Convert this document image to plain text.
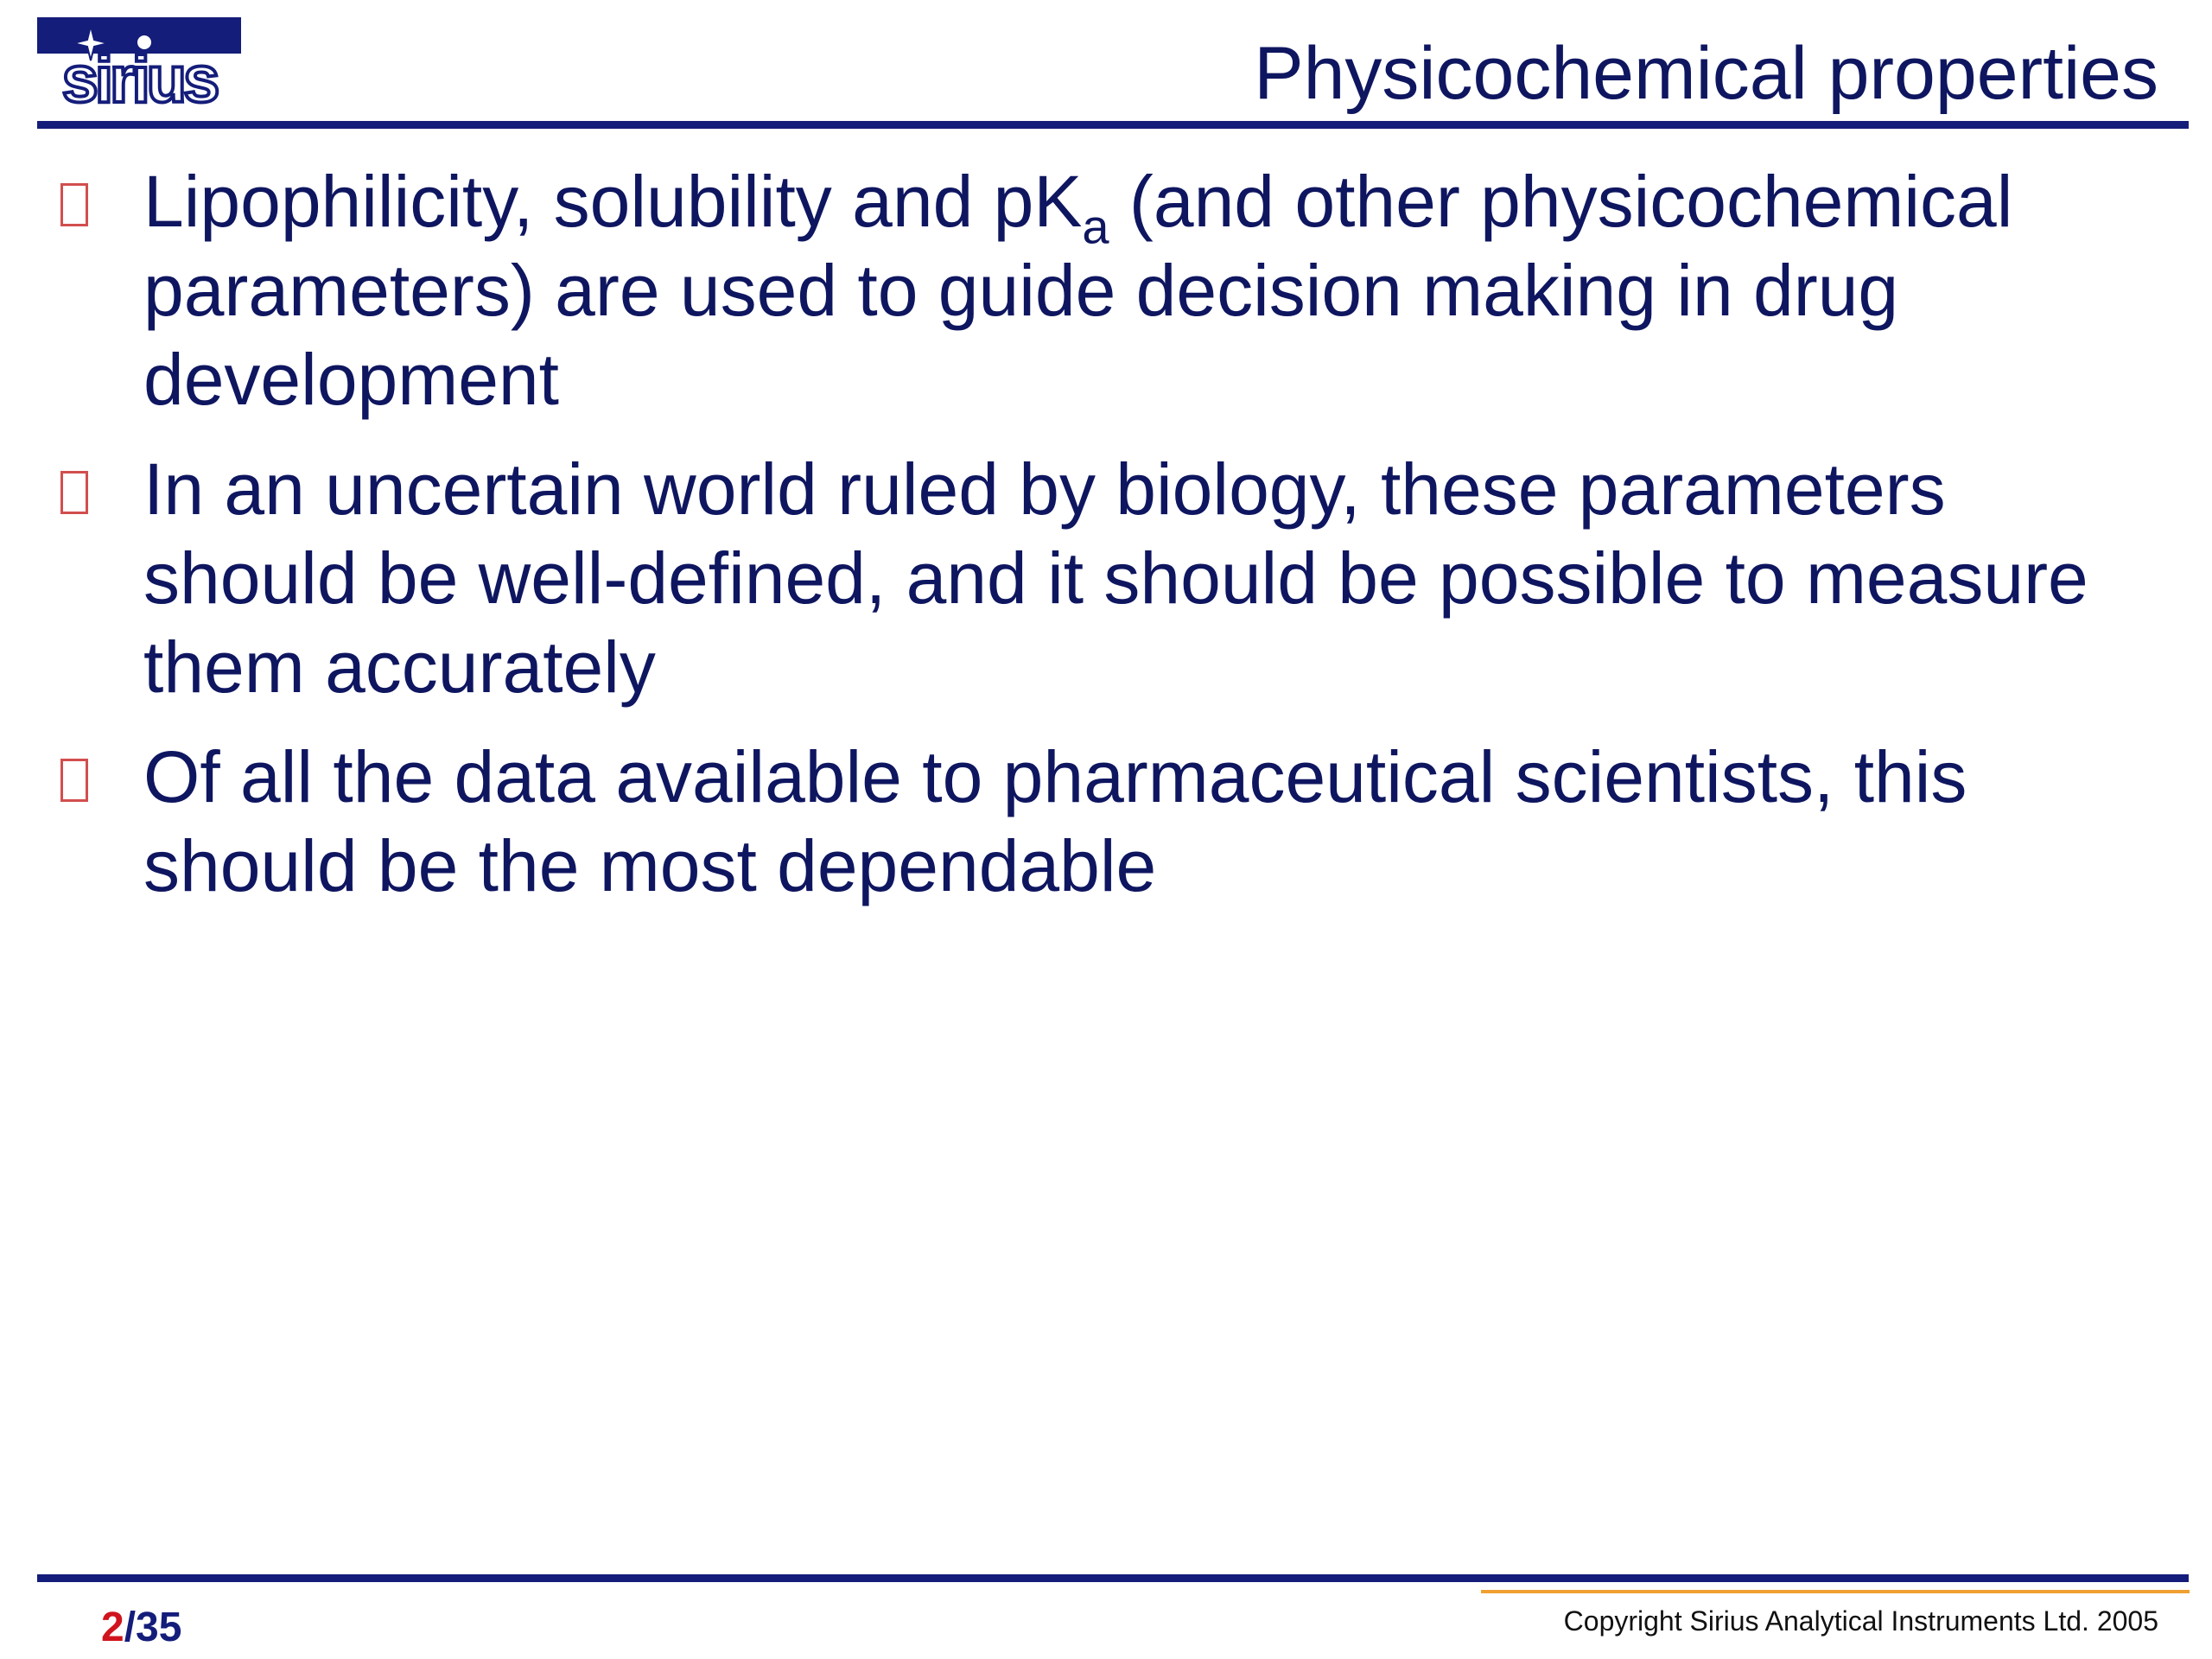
sirius	Physicochemical properties
Lipophilicity, solubility and $pK_a$ (and other physicochemical parameters) are used to guide decision making in drug development
In an uncertain world ruled by biology, these parameters should be well-defined, and it should be possible to measure them accurately
Of all the data available to pharmaceutical scientists, this should be the most dependable
2/35	Copyright Sirius Analytical Instruments Ltd. 2005
